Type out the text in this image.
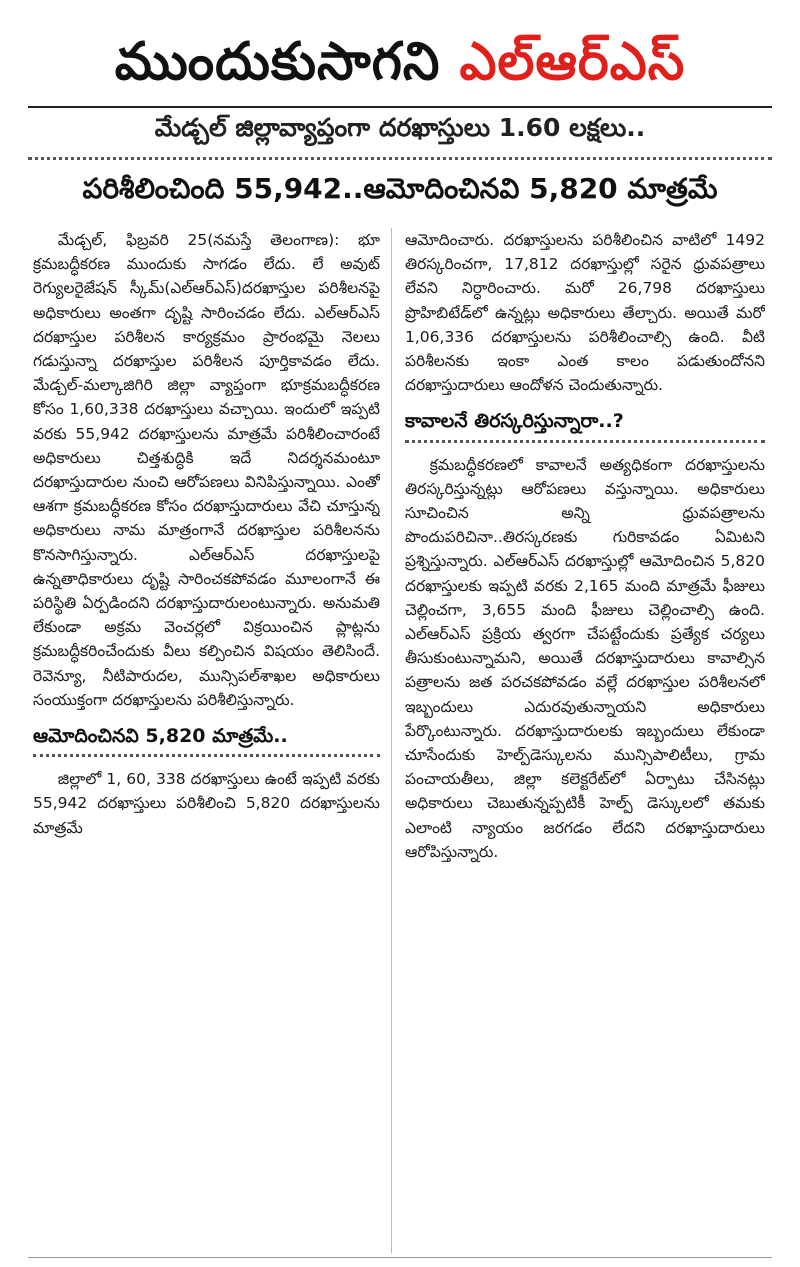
ముందుకుసాగని ఎల్ఆర్ఎస్
మేడ్చల్ జిల్లావ్యాప్తంగా దరఖాస్తులు 1.60 లక్షలు..
పరిశీలించింది 55,942..ఆమోదించినవి 5,820 మాత్రమే

మేడ్చల్, ఫిబ్రవరి 25(నమస్తే తెలంగాణ): భూ క్రమబద్ధీకరణ ముందుకు సాగడం లేదు. లే అవుట్ రెగ్యులరైజేషన్ స్కీమ్(ఎల్ఆర్ఎస్)దరఖాస్తుల పరిశీలనపై అధికారులు అంతగా దృష్టి సారించడం లేదు. ఎల్ఆర్ఎస్ దరఖాస్తుల పరిశీలన కార్యక్రమం ప్రారంభమై నెలలు గడుస్తున్నా దరఖాస్తుల పరిశీలన పూర్తికావడం లేదు. మేడ్చల్-మల్కాజిగిరి జిల్లా వ్యాప్తంగా భూక్రమబద్ధీకరణ కోసం 1,60,338 దరఖాస్తులు వచ్చాయి. ఇందులో ఇప్పటి వరకు 55,942 దరఖాస్తులను మాత్రమే పరిశీలించారంటే అధికారులు చిత్తశుద్ధికి ఇదే నిదర్శనమంటూ దరఖాస్తుదారుల నుంచి ఆరోపణలు వినిపిస్తున్నాయి. ఎంతో ఆశగా క్రమబద్ధీకరణ కోసం దరఖాస్తుదారులు వేచి చూస్తున్న అధికారులు నామ మాత్రంగానే దరఖాస్తుల పరిశీలనను కొనసాగిస్తున్నారు. ఎల్ఆర్ఎస్ దరఖాస్తులపై ఉన్నతాధికారులు దృష్టి సారించకపోవడం మూలంగానే ఈ పరిస్థితి ఏర్పడిందని దరఖాస్తుదారులంటున్నారు. అనుమతి లేకుండా అక్రమ వెంచర్లలో విక్రయించిన ప్లాట్లను క్రమబద్ధీకరించేందుకు వీలు కల్పించిన విషయం తెలిసిందే. రెవెన్యూ, నీటిపారుదల, మున్సిపల్‌శాఖల అధికారులు సంయుక్తంగా దరఖాస్తులను పరిశీలిస్తున్నారు.

ఆమోదించినవి 5,820 మాత్రమే..

జిల్లాలో 1, 60, 338 దరఖాస్తులు ఉంటే ఇప్పటి వరకు 55,942 దరఖాస్తులు పరిశీలించి 5,820 దరఖాస్తులను మాత్రమే

ఆమోదించారు. దరఖాస్తులను పరిశీలించిన వాటిలో 1492 తిరస్కరించగా, 17,812 దరఖాస్తుల్లో సరైన ధ్రువపత్రాలు లేవని నిర్ధారించారు. మరో 26,798 దరఖాస్తులు ప్రొహిబిటేడ్‌లో ఉన్నట్లు అధికారులు తేల్చారు. అయితే మరో 1,06,336 దరఖాస్తులను పరిశీలించాల్సి ఉంది. వీటి పరిశీలనకు ఇంకా ఎంత కాలం పడుతుందోనని దరఖాస్తుదారులు ఆందోళన చెందుతున్నారు.

కావాలనే తిరస్కరిస్తున్నారా..?

క్రమబద్ధీకరణలో కావాలనే అత్యధికంగా దరఖాస్తులను తిరస్కరిస్తున్నట్లు ఆరోపణలు వస్తున్నాయి. అధికారులు సూచించిన అన్ని ధ్రువపత్రాలను పొందుపరిచినా..తిరస్కరణకు గురికావడం ఏమిటని ప్రశ్నిస్తున్నారు. ఎల్ఆర్ఎస్ దరఖాస్తుల్లో ఆమోదించిన 5,820 దరఖాస్తులకు ఇప్పటి వరకు 2,165 మంది మాత్రమే ఫీజులు చెల్లించగా, 3,655 మంది ఫీజులు చెల్లించాల్సి ఉంది. ఎల్ఆర్ఎస్ ప్రక్రియ త్వరగా చేపట్టేందుకు ప్రత్యేక చర్యలు తీసుకుంటున్నామని, అయితే దరఖాస్తుదారులు కావాల్సిన పత్రాలను జత పరచకపోవడం వల్లే దరఖాస్తుల పరిశీలనలో ఇబ్బందులు ఎదురవుతున్నాయని అధికారులు పేర్కొంటున్నారు. దరఖాస్తుదారులకు ఇబ్బందులు లేకుండా చూసేందుకు హెల్ప్‌డెస్కులను మున్సిపాలిటీలు, గ్రామ పంచాయతీలు, జిల్లా కలెక్టరేట్‌లో ఏర్పాటు చేసినట్లు అధికారులు చెబుతున్నప్పటికీ హెల్ప్ డెస్కులలో తమకు ఎలాంటి న్యాయం జరగడం లేదని దరఖాస్తుదారులు ఆరోపిస్తున్నారు.
